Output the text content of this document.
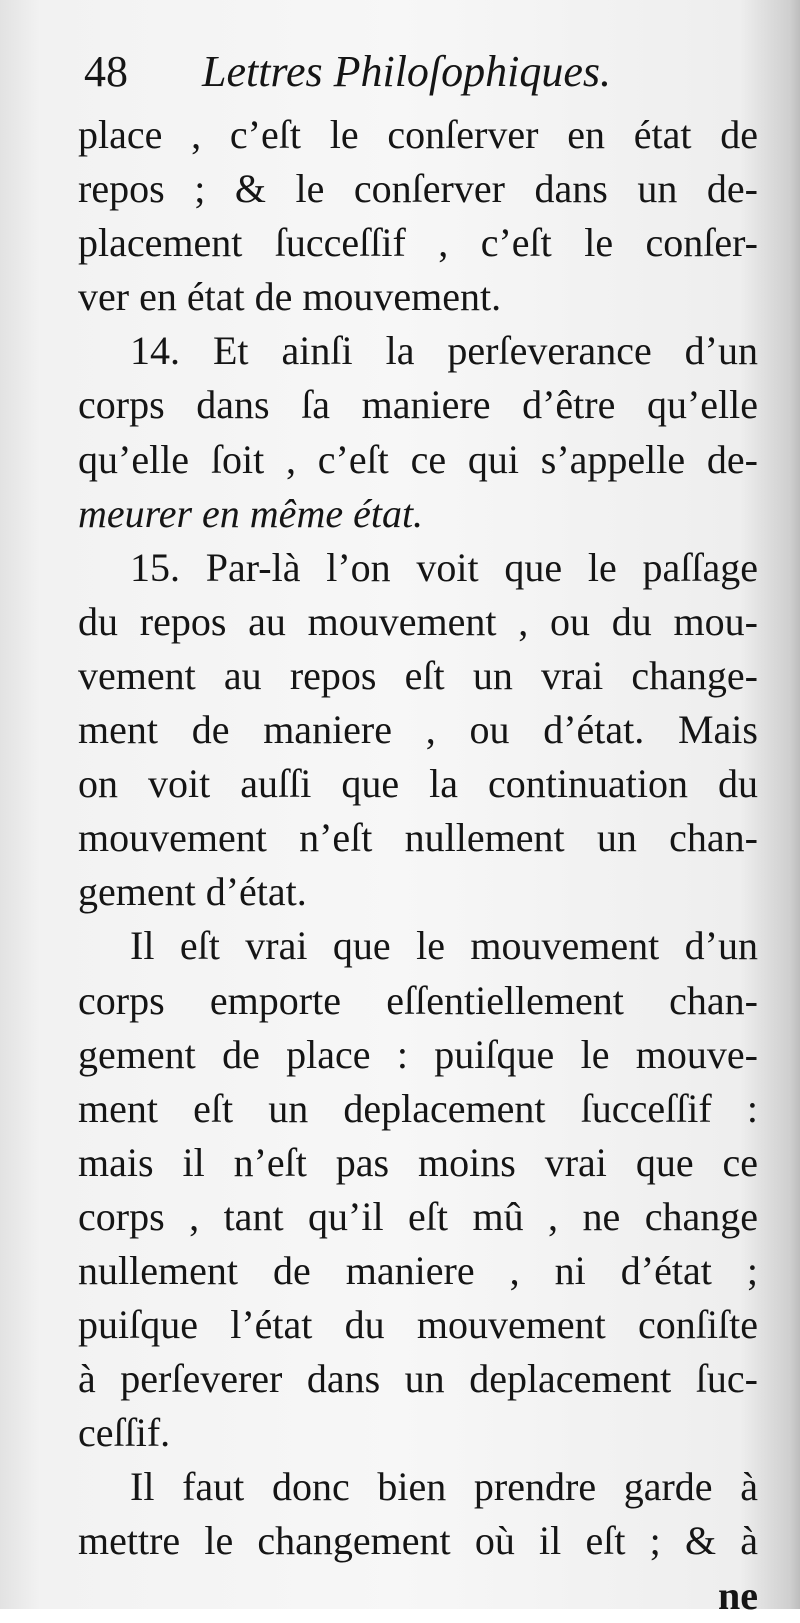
48 Lettres Philoſophiques.
place , c’eſt le conſerver en état de
repos ; & le conſerver dans un de-
placement ſucceſſif , c’eſt le conſer-
ver en état de mouvement.
14. Et ainſi la perſeverance d’un
corps dans ſa maniere d’être qu’elle
qu’elle ſoit , c’eſt ce qui s’appelle de-
meurer en même état.
15. Par-là l’on voit que le paſſage
du repos au mouvement , ou du mou-
vement au repos eſt un vrai change-
ment de maniere , ou d’état. Mais
on voit auſſi que la continuation du
mouvement n’eſt nullement un chan-
gement d’état.
Il eſt vrai que le mouvement d’un
corps emporte eſſentiellement chan-
gement de place : puiſque le mouve-
ment eſt un deplacement ſucceſſif :
mais il n’eſt pas moins vrai que ce
corps , tant qu’il eſt mû , ne change
nullement de maniere , ni d’état ;
puiſque l’état du mouvement conſiſte
à perſeverer dans un deplacement ſuc-
ceſſif.
Il faut donc bien prendre garde à
mettre le changement où il eſt ; & à
ne
